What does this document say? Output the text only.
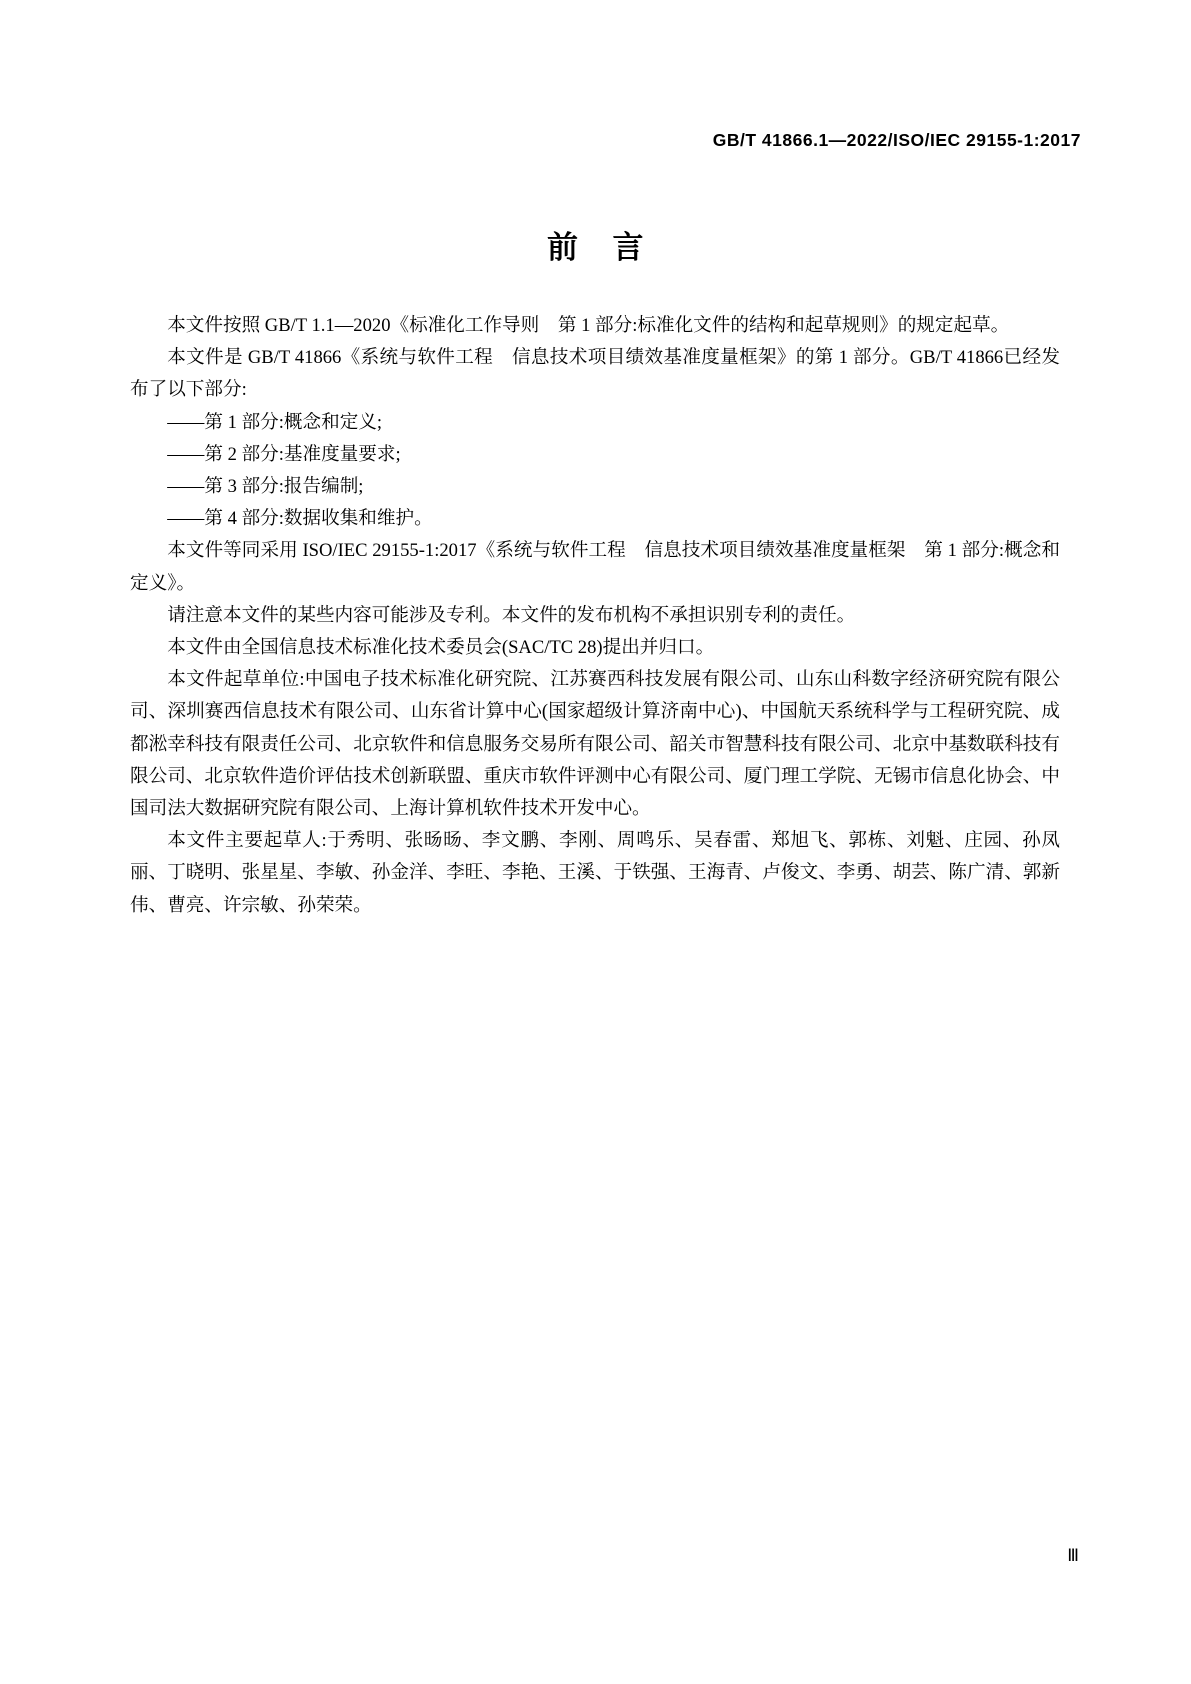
GB/T 41866.1—2022/ISO/IEC 29155-1:2017
前 言

本文件按照 GB/T 1.1—2020《标准化工作导则　第 1 部分:标准化文件的结构和起草规则》的规定起草。

本文件是 GB/T 41866《系统与软件工程　信息技术项目绩效基准度量框架》的第 1 部分。GB/T 41866已经发布了以下部分:

——第 1 部分:概念和定义;

——第 2 部分:基准度量要求;

——第 3 部分:报告编制;

——第 4 部分:数据收集和维护。

本文件等同采用 ISO/IEC 29155-1:2017《系统与软件工程　信息技术项目绩效基准度量框架　第 1 部分:概念和定义》。

请注意本文件的某些内容可能涉及专利。本文件的发布机构不承担识别专利的责任。

本文件由全国信息技术标准化技术委员会(SAC/TC 28)提出并归口。

本文件起草单位:中国电子技术标准化研究院、江苏赛西科技发展有限公司、山东山科数字经济研究院有限公司、深圳赛西信息技术有限公司、山东省计算中心(国家超级计算济南中心)、中国航天系统科学与工程研究院、成都淞幸科技有限责任公司、北京软件和信息服务交易所有限公司、韶关市智慧科技有限公司、北京中基数联科技有限公司、北京软件造价评估技术创新联盟、重庆市软件评测中心有限公司、厦门理工学院、无锡市信息化协会、中国司法大数据研究院有限公司、上海计算机软件技术开发中心。

本文件主要起草人:于秀明、张旸旸、李文鹏、李刚、周鸣乐、吴春雷、郑旭飞、郭栋、刘魁、庄园、孙凤丽、丁晓明、张星星、李敏、孙金洋、李旺、李艳、王溪、于铁强、王海青、卢俊文、李勇、胡芸、陈广清、郭新伟、曹亮、许宗敏、孙荣荣。

Ⅲ
